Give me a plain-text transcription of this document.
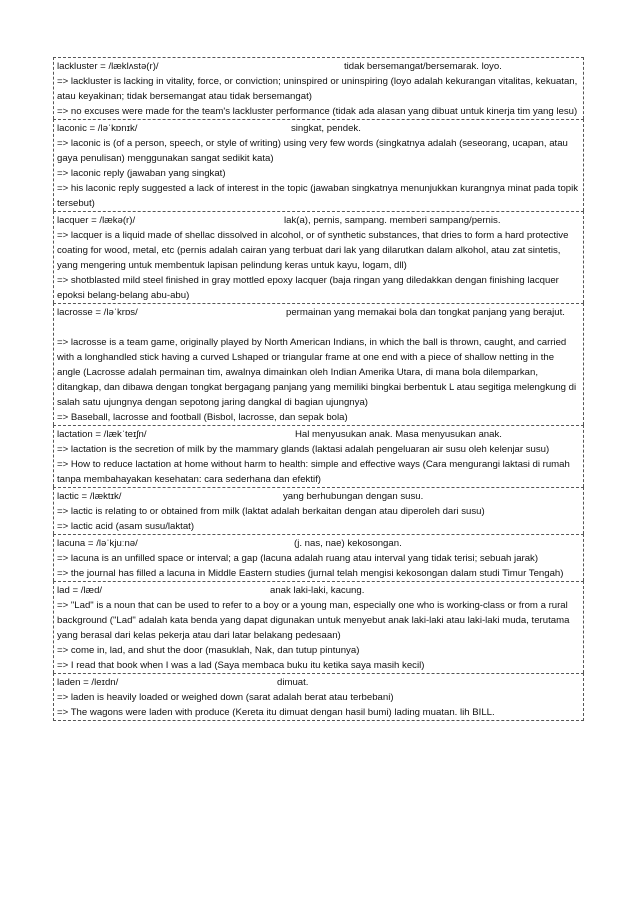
lackluster = /læklʌstə(r)/	tidak bersemangat/bersemarak. loyo.
=> lackluster is lacking in vitality, force, or conviction; uninspired or uninspiring (loyo adalah kekurangan vitalitas, kekuatan, atau keyakinan; tidak bersemangat atau tidak bersemangat)
=> no excuses were made for the team's lackluster performance (tidak ada alasan yang dibuat untuk kinerja tim yang lesu)
laconic = /ləˈkɒnɪk/	singkat, pendek.
=> laconic is (of a person, speech, or style of writing) using very few words (singkatnya adalah (seseorang, ucapan, atau gaya penulisan) menggunakan sangat sedikit kata)
=> laconic reply (jawaban yang singkat)
=> his laconic reply suggested a lack of interest in the topic (jawaban singkatnya menunjukkan kurangnya minat pada topik tersebut)
lacquer = /lækə(r)/	lak(a), pernis, sampang. memberi sampang/pernis.
=> lacquer is a liquid made of shellac dissolved in alcohol, or of synthetic substances, that dries to form a hard protective coating for wood, metal, etc (pernis adalah cairan yang terbuat dari lak yang dilarutkan dalam alkohol, atau zat sintetis, yang mengering untuk membentuk lapisan pelindung keras untuk kayu, logam, dll)
=> shotblasted mild steel finished in gray mottled epoxy lacquer (baja ringan yang diledakkan dengan finishing lacquer epoksi belang-belang abu-abu)
lacrosse = /ləˈkrɒs/	permainan yang memakai bola dan tongkat panjang yang berajut.
=> lacrosse is a team game, originally played by North American Indians, in which the ball is thrown, caught, and carried with a longhandled stick having a curved Lshaped or triangular frame at one end with a piece of shallow netting in the angle (Lacrosse adalah permainan tim, awalnya dimainkan oleh Indian Amerika Utara, di mana bola dilemparkan, ditangkap, dan dibawa dengan tongkat bergagang panjang yang memiliki bingkai berbentuk L atau segitiga melengkung di salah satu ujungnya dengan sepotong jaring dangkal di bagian ujungnya)
=> Baseball, lacrosse and football (Bisbol, lacrosse, dan sepak bola)
lactation = /lækˈteɪʃn/	Hal menyusukan anak. Masa menyusukan anak.
=> lactation is the secretion of milk by the mammary glands (laktasi adalah pengeluaran air susu oleh kelenjar susu)
=> How to reduce lactation at home without harm to health: simple and effective ways (Cara mengurangi laktasi di rumah tanpa membahayakan kesehatan: cara sederhana dan efektif)
lactic = /læktɪk/	yang berhubungan dengan susu.
=> lactic is relating to or obtained from milk (laktat adalah berkaitan dengan atau diperoleh dari susu)
=> lactic acid (asam susu/laktat)
lacuna = /ləˈkjuːnə/	(j. nas, nae) kekosongan.
=> lacuna is an unfilled space or interval; a gap (lacuna adalah ruang atau interval yang tidak terisi; sebuah jarak)
=> the journal has filled a lacuna in Middle Eastern studies (jurnal telah mengisi kekosongan dalam studi Timur Tengah)
lad = /læd/	anak laki-laki, kacung.
=> "Lad" is a noun that can be used to refer to a boy or a young man, especially one who is working-class or from a rural background ("Lad" adalah kata benda yang dapat digunakan untuk menyebut anak laki-laki atau laki-laki muda, terutama yang berasal dari kelas pekerja atau dari latar belakang pedesaan)
=> come in, lad, and shut the door (masuklah, Nak, dan tutup pintunya)
=> I read that book when I was a lad (Saya membaca buku itu ketika saya masih kecil)
laden = /leɪdn/	dimuat.
=> laden is heavily loaded or weighed down (sarat adalah berat atau terbebani)
=> The wagons were laden with produce (Kereta itu dimuat dengan hasil bumi) lading muatan. lih BILL.
